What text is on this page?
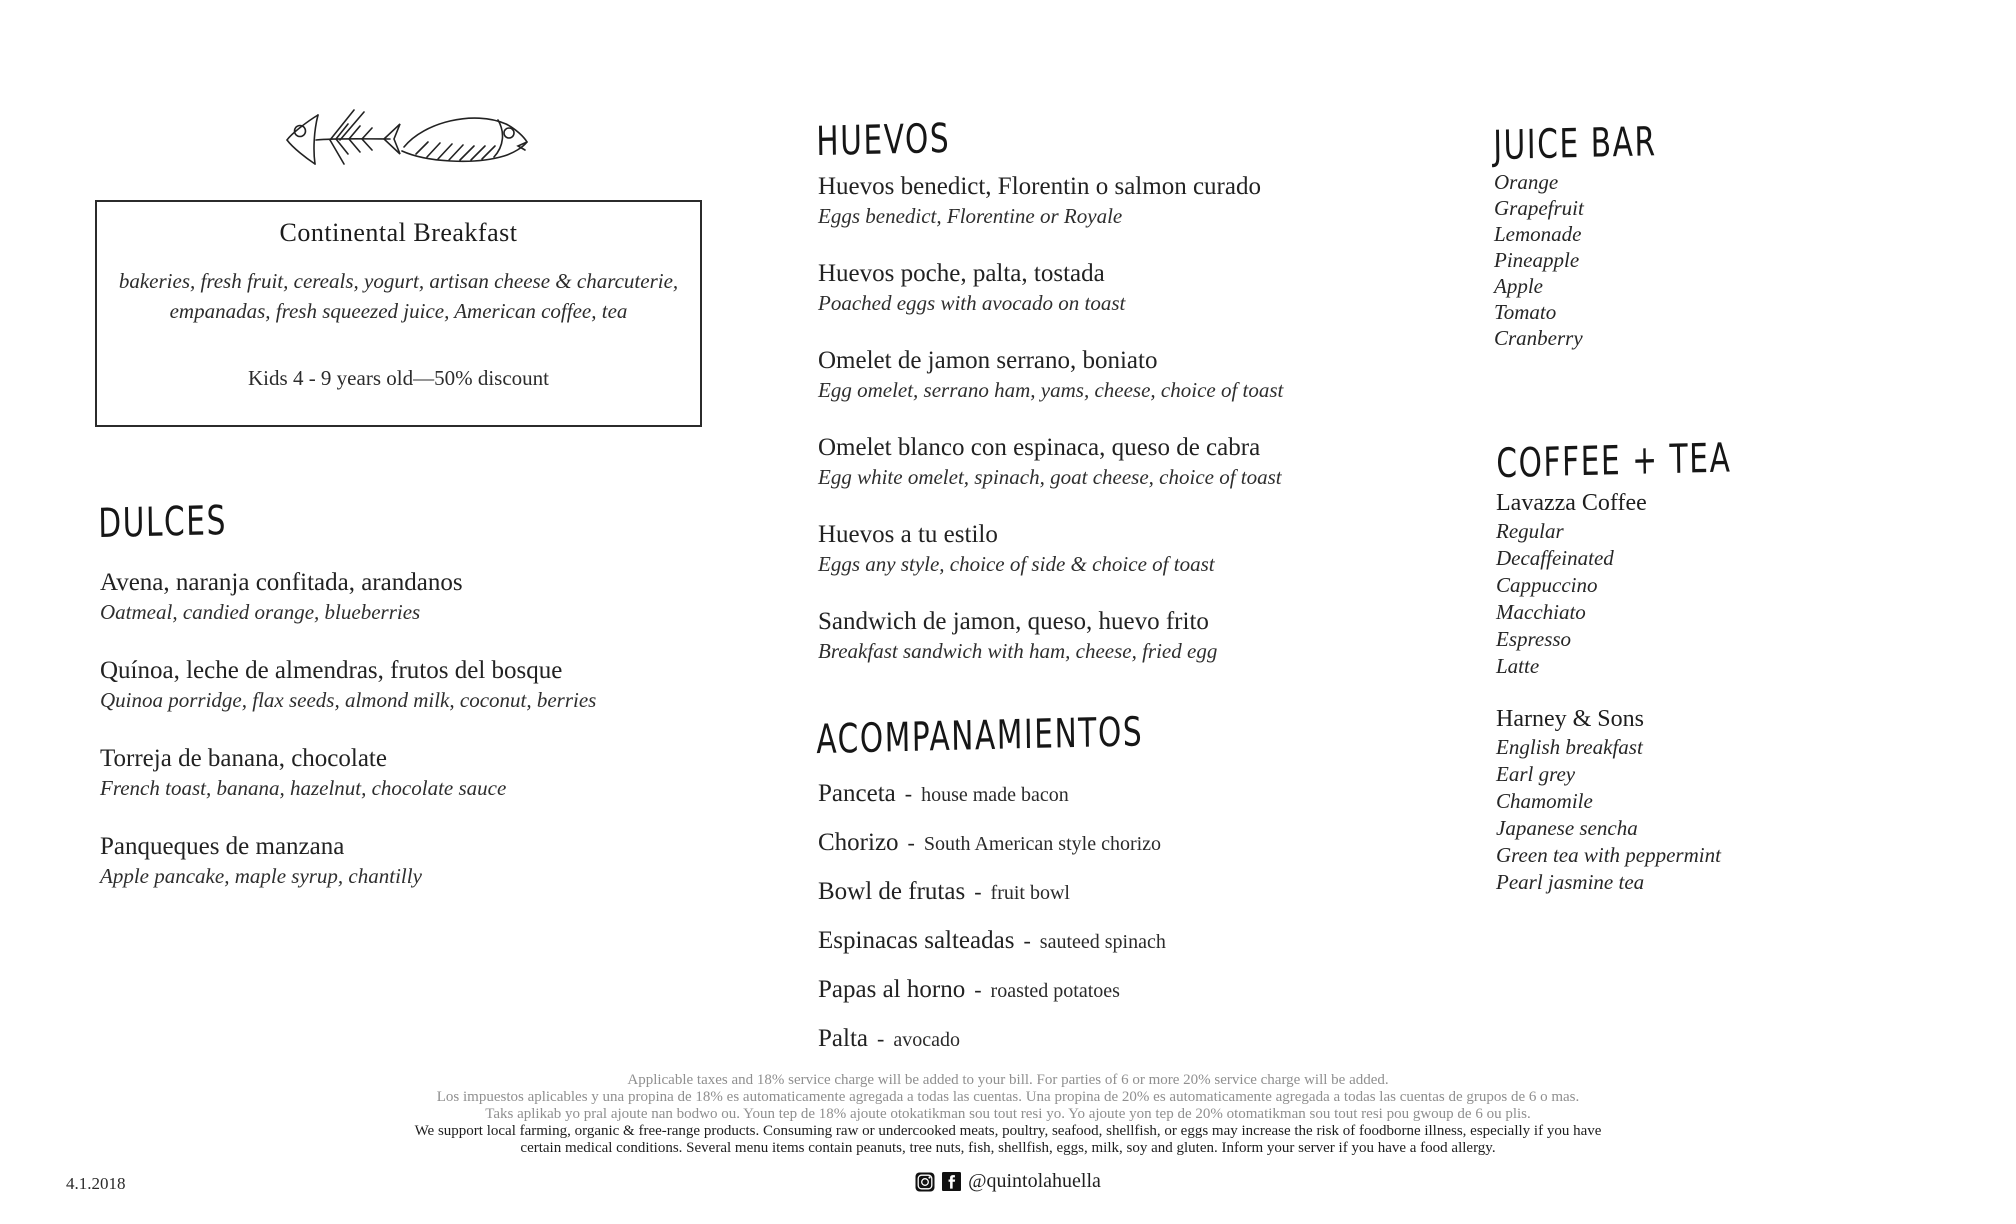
Continental Breakfast
bakeries, fresh fruit, cereals, yogurt, artisan cheese & charcuterie,
empanadas, fresh squeezed juice, American coffee, tea
Kids 4 - 9 years old—50% discount
DULCES
Avena, naranja confitada, arandanos
Oatmeal, candied orange, blueberries
Quínoa, leche de almendras, frutos del bosque
Quinoa porridge, flax seeds, almond milk, coconut, berries
Torreja de banana, chocolate
French toast, banana, hazelnut, chocolate sauce
Panqueques de manzana
Apple pancake, maple syrup, chantilly
HUEVOS
Huevos benedict, Florentin o salmon curado
Eggs benedict, Florentine or Royale
Huevos poche, palta, tostada
Poached eggs with avocado on toast
Omelet de jamon serrano, boniato
Egg omelet, serrano ham, yams, cheese, choice of toast
Omelet blanco con espinaca, queso de cabra
Egg white omelet, spinach, goat cheese, choice of toast
Huevos a tu estilo
Eggs any style, choice of side & choice of toast
Sandwich de jamon, queso, huevo frito
Breakfast sandwich with ham, cheese, fried egg
ACOMPANAMIENTOS
Panceta - house made bacon
Chorizo - South American style chorizo
Bowl de frutas - fruit bowl
Espinacas salteadas - sauteed spinach
Papas al horno - roasted potatoes
Palta - avocado
JUICE BAR
Orange
Grapefruit
Lemonade
Pineapple
Apple
Tomato
Cranberry
COFFEE + TEA
Lavazza Coffee
Regular
Decaffeinated
Cappuccino
Macchiato
Espresso
Latte
Harney & Sons
English breakfast
Earl grey
Chamomile
Japanese sencha
Green tea with peppermint
Pearl jasmine tea
Applicable taxes and 18% service charge will be added to your bill. For parties of 6 or more 20% service charge will be added.
Los impuestos aplicables y una propina de 18% es automaticamente agregada a todas las cuentas. Una propina de 20% es automaticamente agregada a todas las cuentas de grupos de 6 o mas.
Taks aplikab yo pral ajoute nan bodwo ou. Youn tep de 18% ajoute otokatikman sou tout resi yo. Yo ajoute yon tep de 20% otomatikman sou tout resi pou gwoup de 6 ou plis.
We support local farming, organic & free-range products. Consuming raw or undercooked meats, poultry, seafood, shellfish, or eggs may increase the risk of foodborne illness, especially if you have
certain medical conditions. Several menu items contain peanuts, tree nuts, fish, shellfish, eggs, milk, soy and gluten. Inform your server if you have a food allergy.
4.1.2018	@quintolahuella
